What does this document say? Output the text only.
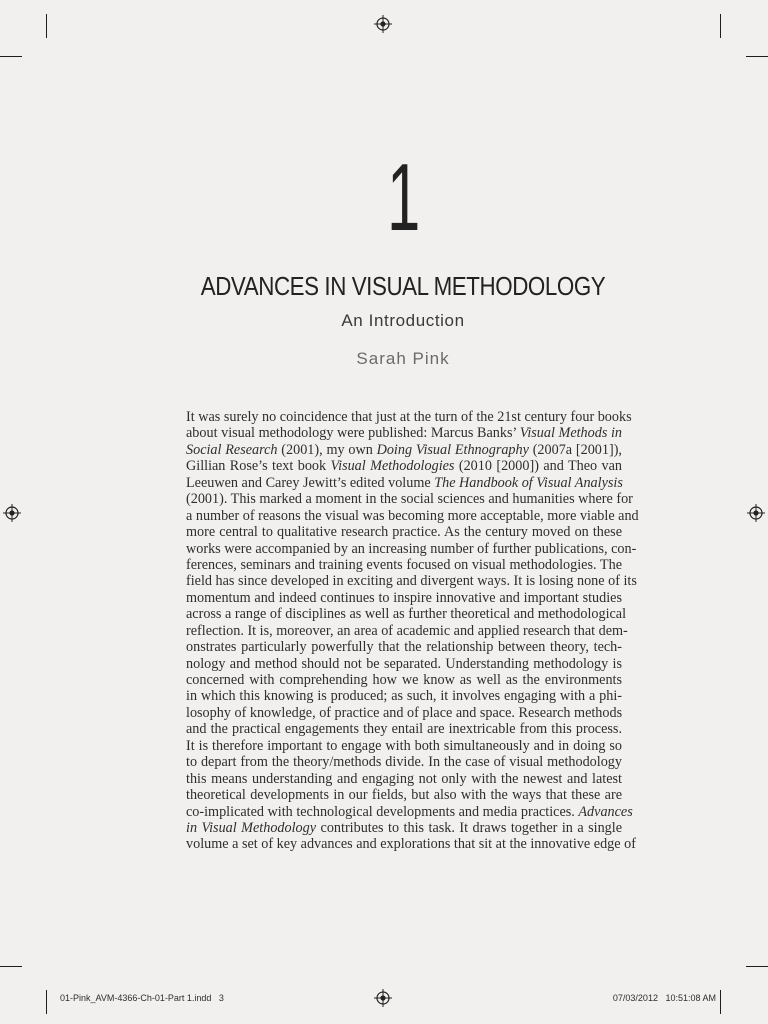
1
ADVANCES IN VISUAL METHODOLOGY
An Introduction
Sarah Pink
It was surely no coincidence that just at the turn of the 21st century four books
about visual methodology were published: Marcus Banks’ Visual Methods in
Social Research (2001), my own Doing Visual Ethnography (2007a [2001]),
Gillian Rose’s text book Visual Methodologies (2010 [2000]) and Theo van
Leeuwen and Carey Jewitt’s edited volume The Handbook of Visual Analysis
(2001). This marked a moment in the social sciences and humanities where for
a number of reasons the visual was becoming more acceptable, more viable and
more central to qualitative research practice. As the century moved on these
works were accompanied by an increasing number of further publications, con-
ferences, seminars and training events focused on visual methodologies. The
field has since developed in exciting and divergent ways. It is losing none of its
momentum and indeed continues to inspire innovative and important studies
across a range of disciplines as well as further theoretical and methodological
reflection. It is, moreover, an area of academic and applied research that dem-
onstrates particularly powerfully that the relationship between theory, tech-
nology and method should not be separated. Understanding methodology is
concerned with comprehending how we know as well as the environments
in which this knowing is produced; as such, it involves engaging with a phi-
losophy of knowledge, of practice and of place and space. Research methods
and the practical engagements they entail are inextricable from this process.
It is therefore important to engage with both simultaneously and in doing so
to depart from the theory/methods divide. In the case of visual methodology
this means understanding and engaging not only with the newest and latest
theoretical developments in our fields, but also with the ways that these are
co-implicated with technological developments and media practices. Advances
in Visual Methodology contributes to this task. It draws together in a single
volume a set of key advances and explorations that sit at the innovative edge of
01-Pink_AVM-4366-Ch-01-Part 1.indd   3	07/03/2012   10:51:08 AM
